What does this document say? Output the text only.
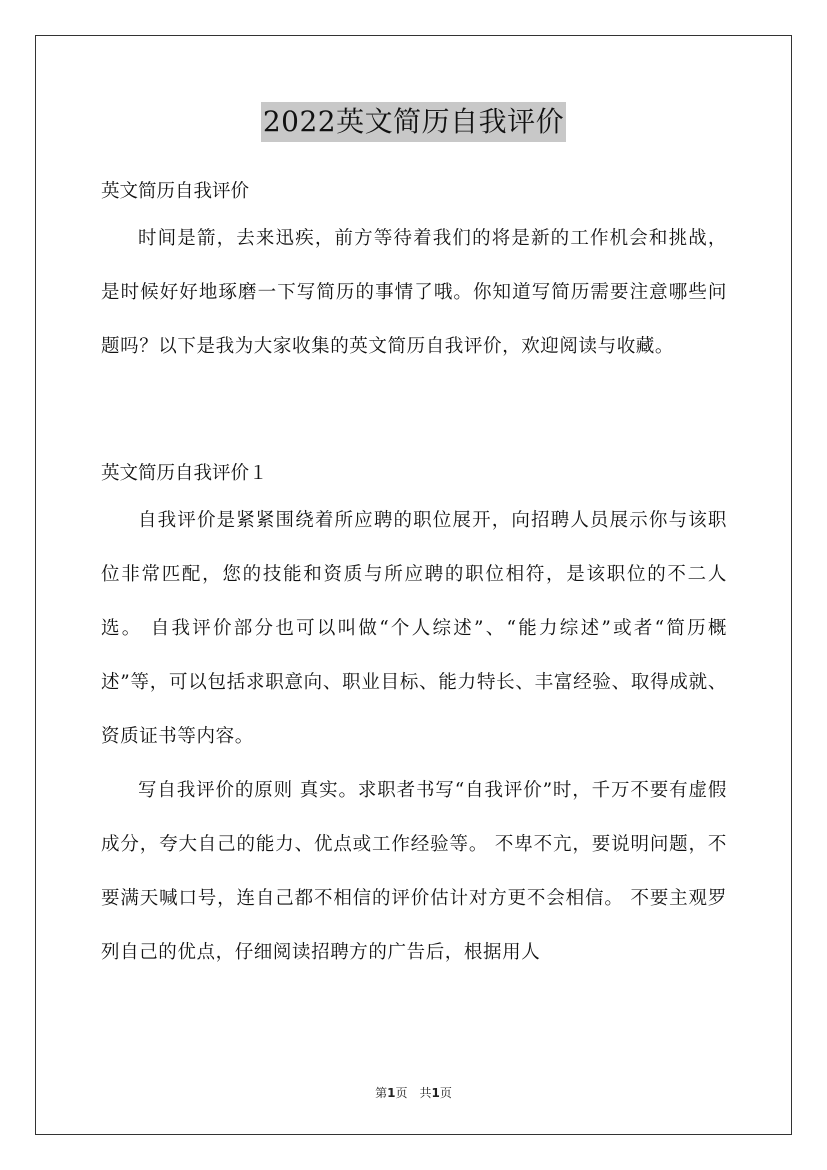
2022英文简历自我评价

英文简历自我评价

时间是箭，去来迅疾，前方等待着我们的将是新的工作机会和挑战，是时候好好地琢磨一下写简历的事情了哦。你知道写简历需要注意哪些问题吗？以下是我为大家收集的英文简历自我评价，欢迎阅读与收藏。

英文简历自我评价１

自我评价是紧紧围绕着所应聘的职位展开，向招聘人员展示你与该职位非常匹配，您的技能和资质与所应聘的职位相符，是该职位的不二人选。 自我评价部分也可以叫做“个人综述”、“能力综述”或者“简历概述”等，可以包括求职意向、职业目标、能力特长、丰富经验、取得成就、资质证书等内容。

写自我评价的原则 真实。求职者书写“自我评价”时，千万不要有虚假成分，夸大自己的能力、优点或工作经验等。 不卑不亢，要说明问题，不要满天喊口号，连自己都不相信的评价估计对方更不会相信。 不要主观罗列自己的优点，仔细阅读招聘方的广告后，根据用人

第1页　共1页
